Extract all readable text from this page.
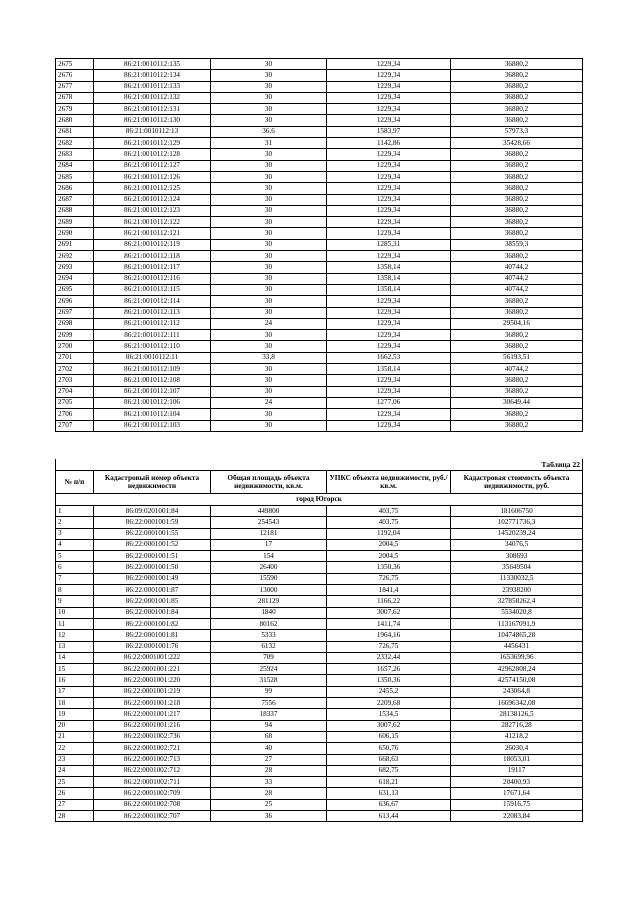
2675	86:21:0010112:135	30	1229,34	36880,2
2676	86:21:0010112:134	30	1229,34	36880,2
2677	86:21:0010112:133	30	1229,34	36880,2
2678	86:21:0010112:132	30	1229,34	36880,2
2679	86:21:0010112:131	30	1229,34	36880,2
2680	86:21:0010112:130	30	1229,34	36880,2
2681	86:21:0010112:13	36,6	1583,97	57973,3
2682	86:21:0010112:129	31	1142,86	35428,66
2683	86:21:0010112:128	30	1229,34	36880,2
2684	86:21:0010112:127	30	1229,34	36880,2
2685	86:21:0010112:126	30	1229,34	36880,2
2686	86:21:0010112:125	30	1229,34	36880,2
2687	86:21:0010112:124	30	1229,34	36880,2
2688	86:21:0010112:123	30	1229,34	36880,2
2689	86:21:0010112:122	30	1229,34	36880,2
2690	86:21:0010112:121	30	1229,34	36880,2
2691	86:21:0010112:119	30	1285,31	38559,3
2692	86:21:0010112:118	30	1229,34	36880,2
2693	86:21:0010112:117	30	1358,14	40744,2
2694	86:21:0010112:116	30	1358,14	40744,2
2695	86:21:0010112:115	30	1358,14	40744,2
2696	86:21:0010112:114	30	1229,34	36880,2
2697	86:21:0010112:113	30	1229,34	36880,2
2698	86:21:0010112:112	24	1229,34	29504,16
2699	86:21:0010112:111	30	1229,34	36880,2
2700	86:21:0010112:110	30	1229,34	36880,2
2701	86:21:0010112:11	33,8	1662,53	56193,51
2702	86:21:0010112:109	30	1358,14	40744,2
2703	86:21:0010112:108	30	1229,34	36880,2
2704	86:21:0010112:107	30	1229,34	36880,2
2705	86:21:0010112:106	24	1277,06	30649,44
2706	86:21:0010112:104	30	1229,34	36880,2
2707	86:21:0010112:103	30	1229,34	36880,2
Таблица 22				
№ п/п	Кадастровый номер объекта недвижимости	Общая площадь объекта недвижимости, кв.м.	УПКС объекта недвижимости, руб./кв.м.	Кадастровая стоимость объекта недвижимости, руб.
город Югорск				
1	86:09:0201001:84	449800	403,75	181606750
2	86:22:0001001:59	254543	403,75	102771736,3
3	86:22:0001001:55	12181	1192,04	14520239,24
4	86:22:0001001:52	17	2004,5	34076,5
5	86:22:0001001:51	154	2004,5	308693
6	86:22:0001001:50	26400	1350,36	35649504
7	86:22:0001001:49	15590	726,75	11330032,5
8	86:22:0001001:87	13000	1841,4	23938200
9	86:22:0001001:85	281129	1166,22	327858262,4
10	86:22:0001001:84	1840	3007,62	5534020,8
11	86:22:0001001:82	80162	1411,74	113167091,9
12	86:22:0001001:81	5333	1964,16	10474865,28
13	86:22:0001001:76	6132	726,75	4456431
14	86:22:0001001:222	709	2332,44	1653699,96
15	86:22:0001001:221	25924	1657,26	42962808,24
16	86:22:0001001:220	31528	1350,36	42574150,08
17	86:22:0001001:219	99	2455,2	243064,8
18	86:22:0001001:218	7556	2209,68	16696342,08
19	86:22:0001001:217	18337	1534,5	28138126,5
20	86:22:0001001:216	94	3007,62	282716,28
21	86:22:0001002:736	68	606,15	41218,2
22	86:22:0001002:721	40	650,76	26030,4
23	86:22:0001002:713	27	668,63	18053,01
24	86:22:0001002:712	28	682,75	19117
25	86:22:0001002:711	33	618,21	20400,93
26	86:22:0001002:709	28	631,13	17671,64
27	86:22:0001002:708	25	636,67	15916,75
28	86:22:0001002:707	36	613,44	22083,84
